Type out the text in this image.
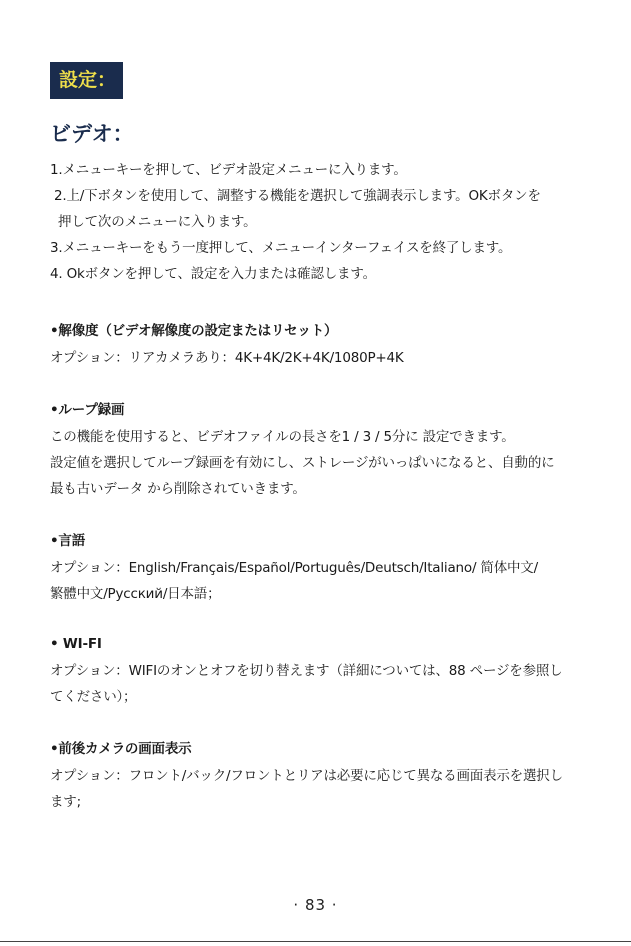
設定：
ビデオ：
1.メニューキーを押して、ビデオ設定メニューに入ります。
2.上/下ボタンを使用して、調整する機能を選択して強調表示します。OKボタンを
押して次のメニューに入ります。
3.メニューキーをもう一度押して、メニューインターフェイスを終了します。
4. Okボタンを押して、設定を入力または確認します。
•解像度（ビデオ解像度の設定またはリセット）
オプション：リアカメラあり：4K+4K/2K+4K/1080P+4K
•ループ録画
この機能を使用すると、ビデオファイルの長さを1 / 3 / 5分に 設定できます。
設定値を選択してループ録画を有効にし、ストレージがいっぱいになると、自動的に
最も古いデータ から削除されていきます。
•言語
オプション：English/Français/Español/Português/Deutsch/Italiano/ 简体中文/
繁體中文/Русский/日本語；
• WI-FI
オプション：WIFIのオンとオフを切り替えます（詳細については、88 ページを参照し
てください）；
•前後カメラの画面表示
オプション：フロント/バック/フロントとリアは必要に応じて異なる画面表示を選択し
ます;
· 83 ·
